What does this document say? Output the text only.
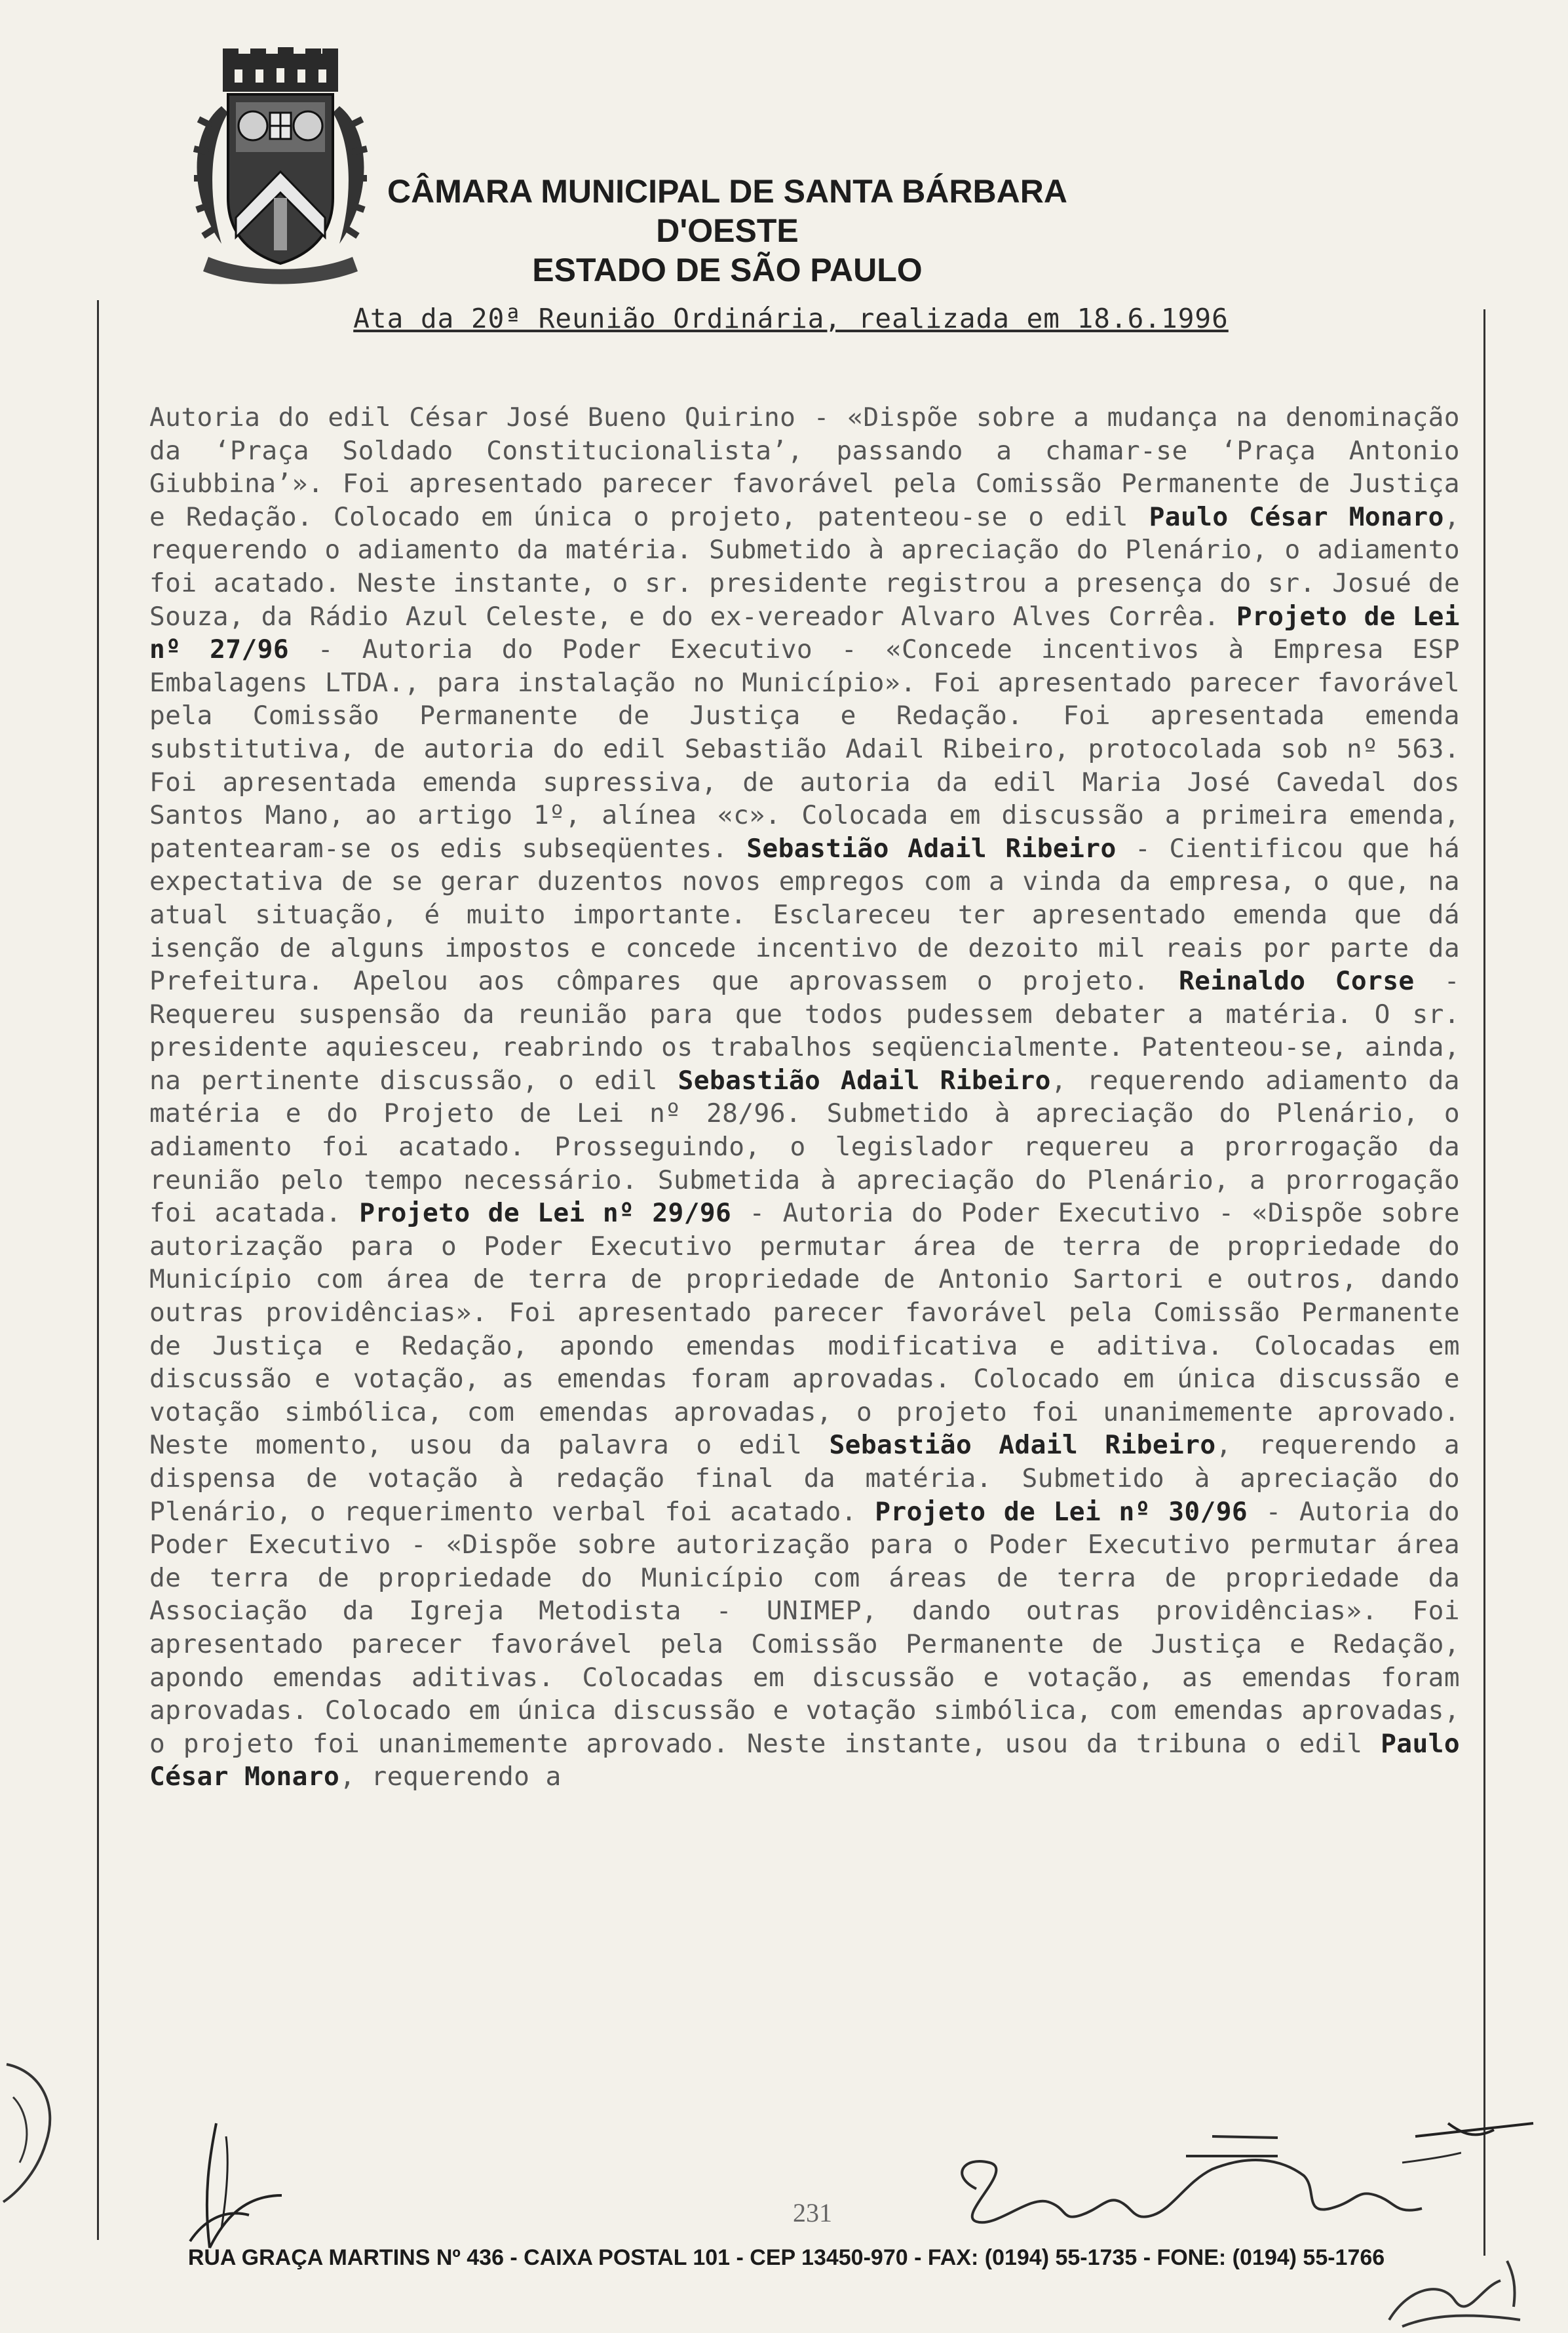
CÂMARA MUNICIPAL DE SANTA BÁRBARA D'OESTE
ESTADO DE SÃO PAULO
Ata da 20ª Reunião Ordinária, realizada em 18.6.1996
Autoria do edil César José Bueno Quirino - «Dispõe sobre a mudança na denominação da ‘Praça Soldado Constitucionalista’, passando a chamar-se ‘Praça Antonio Giubbina’». Foi apresentado parecer favorável pela Comissão Permanente de Justiça e Redação. Colocado em única o projeto, patenteou-se o edil Paulo César Monaro, requerendo o adiamento da matéria. Submetido à apreciação do Plenário, o adiamento foi acatado. Neste instante, o sr. presidente registrou a presença do sr. Josué de Souza, da Rádio Azul Celeste, e do ex-vereador Alvaro Alves Corrêa. Projeto de Lei nº 27/96 - Autoria do Poder Executivo - «Concede incentivos à Empresa ESP Embalagens LTDA., para instalação no Município». Foi apresentado parecer favorável pela Comissão Permanente de Justiça e Redação. Foi apresentada emenda substitutiva, de autoria do edil Sebastião Adail Ribeiro, protocolada sob nº 563. Foi apresentada emenda supressiva, de autoria da edil Maria José Cavedal dos Santos Mano, ao artigo 1º, alínea «c». Colocada em discussão a primeira emenda, patentearam-se os edis subseqüentes. Sebastião Adail Ribeiro - Cientificou que há expectativa de se gerar duzentos novos empregos com a vinda da empresa, o que, na atual situação, é muito importante. Esclareceu ter apresentado emenda que dá isenção de alguns impostos e concede incentivo de dezoito mil reais por parte da Prefeitura. Apelou aos cômpares que aprovassem o projeto. Reinaldo Corse - Requereu suspensão da reunião para que todos pudessem debater a matéria. O sr. presidente aquiesceu, reabrindo os trabalhos seqüencialmente. Patenteou-se, ainda, na pertinente discussão, o edil Sebastião Adail Ribeiro, requerendo adiamento da matéria e do Projeto de Lei nº 28/96. Submetido à apreciação do Plenário, o adiamento foi acatado. Prosseguindo, o legislador requereu a prorrogação da reunião pelo tempo necessário. Submetida à apreciação do Plenário, a prorrogação foi acatada. Projeto de Lei nº 29/96 - Autoria do Poder Executivo - «Dispõe sobre autorização para o Poder Executivo permutar área de terra de propriedade do Município com área de terra de propriedade de Antonio Sartori e outros, dando outras providências». Foi apresentado parecer favorável pela Comissão Permanente de Justiça e Redação, apondo emendas modificativa e aditiva. Colocadas em discussão e votação, as emendas foram aprovadas. Colocado em única discussão e votação simbólica, com emendas aprovadas, o projeto foi unanimemente aprovado. Neste momento, usou da palavra o edil Sebastião Adail Ribeiro, requerendo a dispensa de votação à redação final da matéria. Submetido à apreciação do Plenário, o requerimento verbal foi acatado. Projeto de Lei nº 30/96 - Autoria do Poder Executivo - «Dispõe sobre autorização para o Poder Executivo permutar área de terra de propriedade do Município com áreas de terra de propriedade da Associação da Igreja Metodista - UNIMEP, dando outras providências». Foi apresentado parecer favorável pela Comissão Permanente de Justiça e Redação, apondo emendas aditivas. Colocadas em discussão e votação, as emendas foram aprovadas. Colocado em única discussão e votação simbólica, com emendas aprovadas, o projeto foi unanimemente aprovado. Neste instante, usou da tribuna o edil Paulo César Monaro, requerendo a
231
RUA GRAÇA MARTINS Nº 436 - CAIXA POSTAL 101 - CEP 13450-970 - FAX: (0194) 55-1735 - FONE: (0194) 55-1766
